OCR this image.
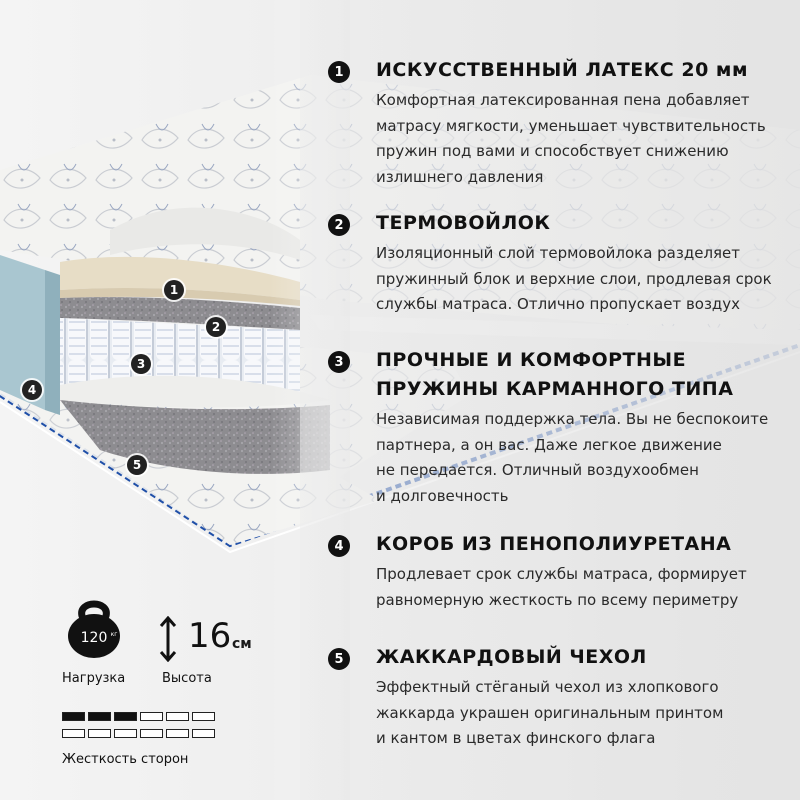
1
2
3
4
5
1	ИСКУССТВЕННЫЙ ЛАТЕКС 20 мм
Комфортная латексированная пена добавляет
матрасу мягкости, уменьшает чувствительность
пружин под вами и способствует снижению
излишнего давления
2	ТЕРМОВОЙЛОК
Изоляционный слой термовойлока разделяет
пружинный блок и верхние слои, продлевая срок
службы матраса. Отлично пропускает воздух
3	ПРОЧНЫЕ И КОМФОРТНЫЕ
ПРУЖИНЫ КАРМАННОГО ТИПА
Независимая поддержка тела. Вы не беспокоите
партнера, а он вас. Даже легкое движение
не передается. Отличный воздухообмен
и долговечность
4	КОРОБ ИЗ ПЕНОПОЛИУРЕТАНА
Продлевает срок службы матраса, формирует
равномерную жесткость по всему периметру
5	ЖАККАРДОВЫЙ ЧЕХОЛ
Эффектный стёганый чехол из хлопкового
жаккарда украшен оригинальным принтом
и кантом в цветах финского флага
120 кг
Нагрузка
16 см
Высота
Жесткость сторон
